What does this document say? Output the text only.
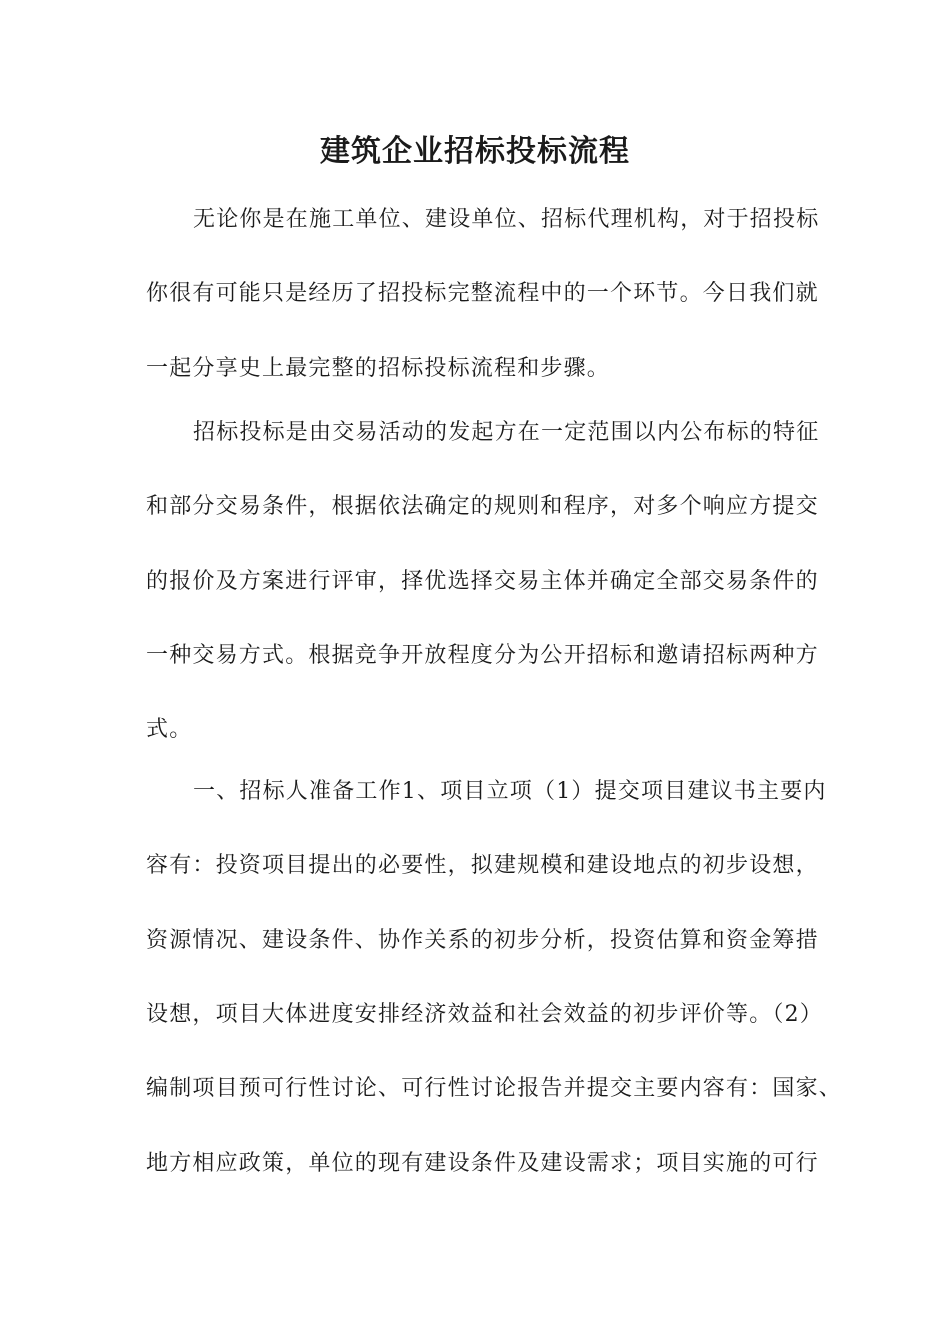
建筑企业招标投标流程
无论你是在施工单位、建设单位、招标代理机构，对于招投标
你很有可能只是经历了招投标完整流程中的一个环节。今日我们就
一起分享史上最完整的招标投标流程和步骤。
招标投标是由交易活动的发起方在一定范围以内公布标的特征
和部分交易条件，根据依法确定的规则和程序，对多个响应方提交
的报价及方案进行评审，择优选择交易主体并确定全部交易条件的
一种交易方式。根据竞争开放程度分为公开招标和邀请招标两种方
式。
一、招标人准备工作1、项目立项（1）提交项目建议书主要内
容有：投资项目提出的必要性，拟建规模和建设地点的初步设想，
资源情况、建设条件、协作关系的初步分析，投资估算和资金筹措
设想，项目大体进度安排经济效益和社会效益的初步评价等。（2）
编制项目预可行性讨论、可行性讨论报告并提交主要内容有：国家、
地方相应政策，单位的现有建设条件及建设需求；项目实施的可行
